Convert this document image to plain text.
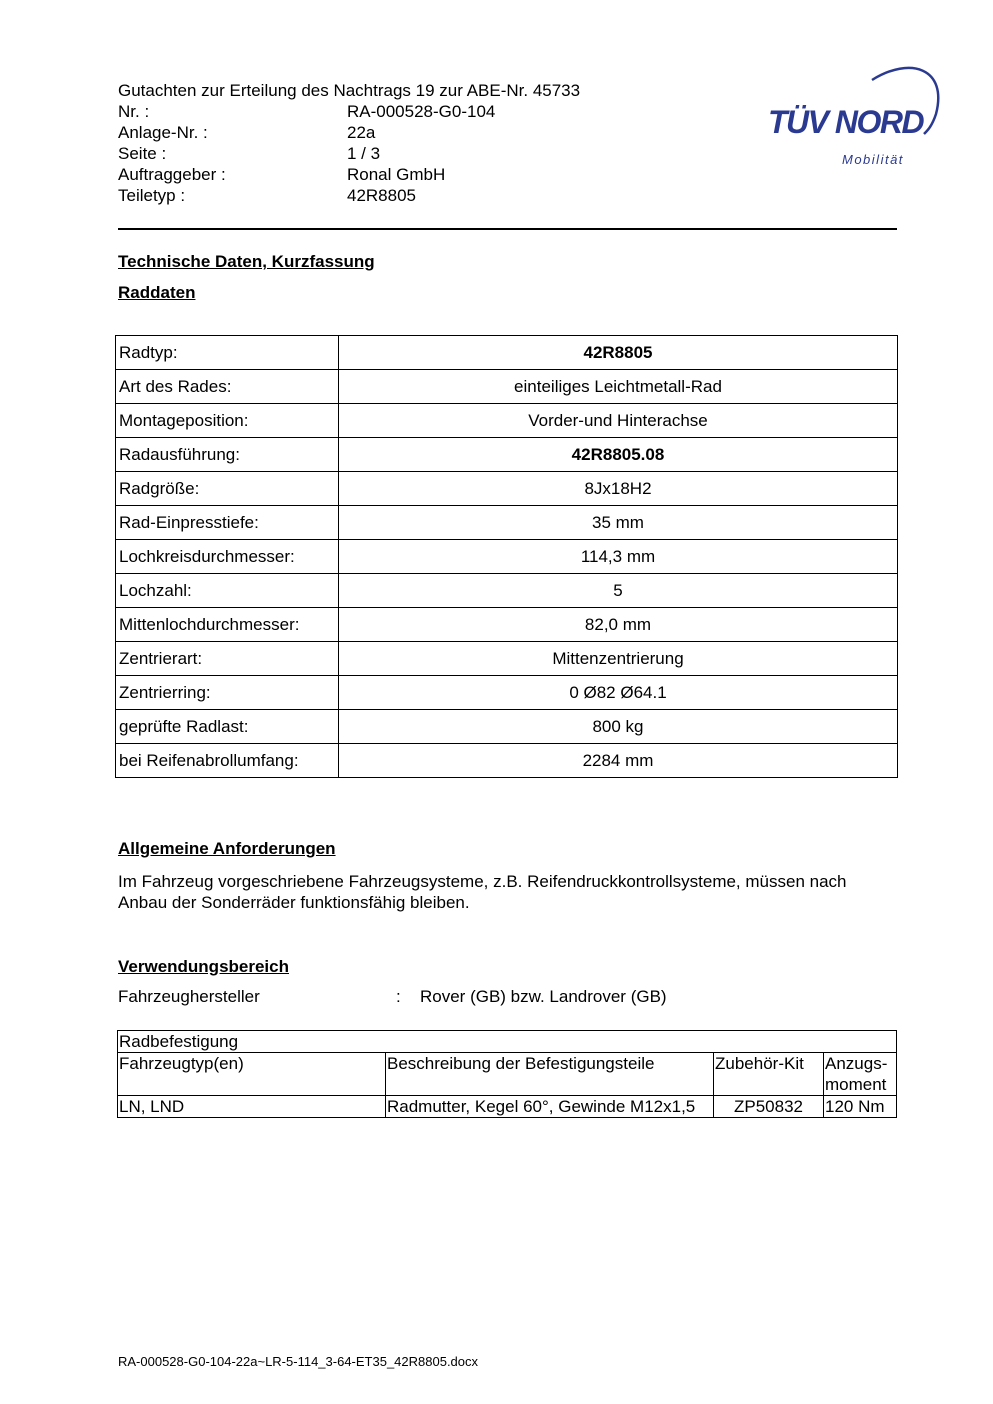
Gutachten zur Erteilung des Nachtrags 19 zur ABE-Nr. 45733
Nr. :	RA-000528-G0-104
Anlage-Nr. :	22a
Seite :	1 / 3
Auftraggeber :	Ronal GmbH
Teiletyp :	42R8805
TÜV NORD
Mobilität
Technische Daten, Kurzfassung
Raddaten
Radtyp:	42R8805
Art des Rades:	einteiliges Leichtmetall-Rad
Montageposition:	Vorder-und Hinterachse
Radausführung:	42R8805.08
Radgröße:	8Jx18H2
Rad-Einpresstiefe:	35 mm
Lochkreisdurchmesser:	114,3 mm
Lochzahl:	5
Mittenlochdurchmesser:	82,0 mm
Zentrierart:	Mittenzentrierung
Zentrierring:	0 Ø82 Ø64.1
geprüfte Radlast:	800 kg
bei Reifenabrollumfang:	2284 mm
Allgemeine Anforderungen
Im Fahrzeug vorgeschriebene Fahrzeugsysteme, z.B. Reifendruckkontrollsysteme, müssen nach Anbau der Sonderräder funktionsfähig bleiben.
Verwendungsbereich
Fahrzeughersteller	: Rover (GB) bzw. Landrover (GB)
Radbefestigung			
Fahrzeugtyp(en)	Beschreibung der Befestigungsteile	Zubehör-Kit	Anzugs-moment
LN, LND	Radmutter, Kegel 60°, Gewinde M12x1,5	ZP50832	120 Nm
RA-000528-G0-104-22a~LR-5-114_3-64-ET35_42R8805.docx
